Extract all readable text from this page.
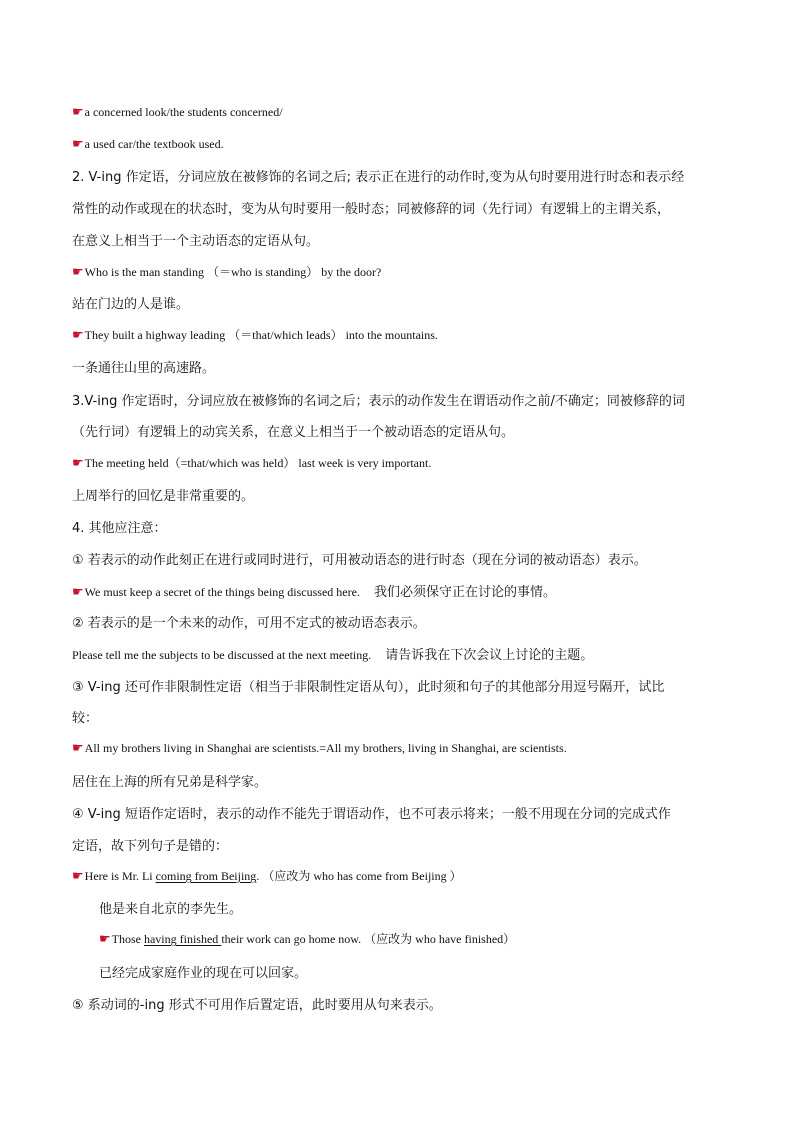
☛a concerned look/the students concerned/
☛a used car/the textbook used.
2. V-ing 作定语，分词应放在被修饰的名词之后; 表示正在进行的动作时,变为从句时要用进行时态和表示经
常性的动作或现在的状态时，变为从句时要用一般时态；同被修辞的词（先行词）有逻辑上的主谓关系，
在意义上相当于一个主动语态的定语从句。
☛Who is the man standing （＝who is standing） by the door?
站在门边的人是谁。
☛They built a highway leading （＝that/which leads） into the mountains.
一条通往山里的高速路。
3.V-ing 作定语时，分词应放在被修饰的名词之后；表示的动作发生在谓语动作之前/不确定；同被修辞的词
（先行词）有逻辑上的动宾关系，在意义上相当于一个被动语态的定语从句。
☛The meeting held（=that/which was held） last week is very important.
上周举行的回忆是非常重要的。
4. 其他应注意：
① 若表示的动作此刻正在进行或同时进行，可用被动语态的进行时态（现在分词的被动语态）表示。
☛We must keep a secret of the things being discussed here. 我们必须保守正在讨论的事情。
② 若表示的是一个未来的动作，可用不定式的被动语态表示。
Please tell me the subjects to be discussed at the next meeting. 请告诉我在下次会议上讨论的主题。
③ V-ing 还可作非限制性定语（相当于非限制性定语从句），此时须和句子的其他部分用逗号隔开，试比
较：
☛All my brothers living in Shanghai are scientists.=All my brothers, living in Shanghai, are scientists.
居住在上海的所有兄弟是科学家。
④ V-ing 短语作定语时，表示的动作不能先于谓语动作，也不可表示将来；一般不用现在分词的完成式作
定语，故下列句子是错的：
☛Here is Mr. Li coming from Beijing. （应改为 who has come from Beijing ）
他是来自北京的李先生。
☛Those having finished their work can go home now. （应改为 who have finished）
已经完成家庭作业的现在可以回家。
⑤ 系动词的-ing 形式不可用作后置定语，此时要用从句来表示。
